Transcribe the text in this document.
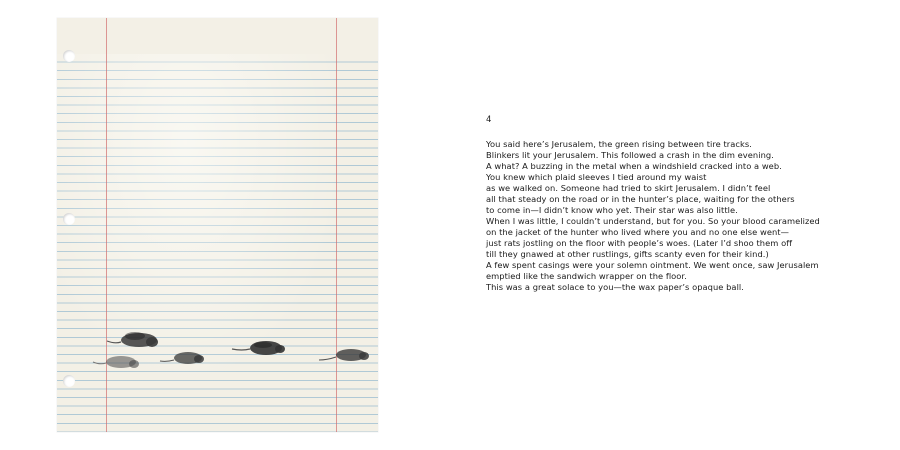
4
You said here’s Jerusalem, the green rising between tire tracks.
Blinkers lit your Jerusalem. This followed a crash in the dim evening.
A what? A buzzing in the metal when a windshield cracked into a web.
You knew which plaid sleeves I tied around my waist
as we walked on. Someone had tried to skirt Jerusalem. I didn’t feel
all that steady on the road or in the hunter’s place, waiting for the others
to come in—I didn’t know who yet. Their star was also little.
When I was little, I couldn’t understand, but for you. So your blood caramelized
on the jacket of the hunter who lived where you and no one else went—
just rats jostling on the floor with people’s woes. (Later I’d shoo them off
till they gnawed at other rustlings, gifts scanty even for their kind.)
A few spent casings were your solemn ointment. We went once, saw Jerusalem
emptied like the sandwich wrapper on the floor.
This was a great solace to you—the wax paper’s opaque ball.
